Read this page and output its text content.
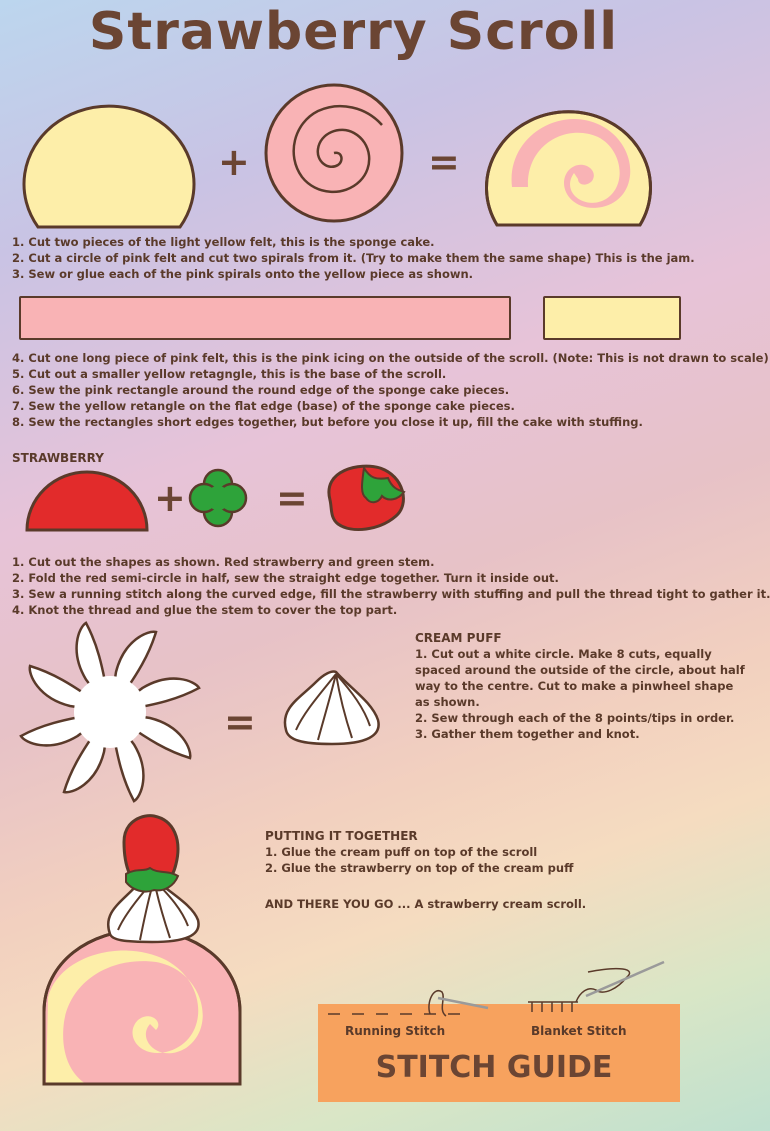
Strawberry Scroll
+	=
1. Cut two pieces of the light yellow felt, this is the sponge cake.
2. Cut a circle of pink felt and cut two spirals from it. (Try to make them the same shape) This is the jam.
3. Sew or glue each of the pink spirals onto the yellow piece as shown.
4. Cut one long piece of pink felt, this is the pink icing on the outside of the scroll. (Note: This is not drawn to scale)
5. Cut out a smaller yellow retagngle, this is the base of the scroll.
6. Sew the pink rectangle around the round edge of the sponge cake pieces.
7. Sew the yellow retangle on the flat edge (base) of the sponge cake pieces.
8. Sew the rectangles short edges together, but before you close it up, fill the cake with stuffing.
STRAWBERRY
+ =
1. Cut out the shapes as shown. Red strawberry and green stem.
2. Fold the red semi-circle in half, sew the straight edge together. Turn it inside out.
3. Sew a running stitch along the curved edge, fill the strawberry with stuffing and pull the thread tight to gather it.
4. Knot the thread and glue the stem to cover the top part.
=
CREAM PUFF
1. Cut out a white circle. Make 8 cuts, equally
spaced around the outside of the circle, about half
way to the centre. Cut to make a pinwheel shape
as shown.
2. Sew through each of the 8 points/tips in order.
3. Gather them together and knot.
PUTTING IT TOGETHER
1. Glue the cream puff on top of the scroll
2. Glue the strawberry on top of the cream puff
AND THERE YOU GO ... A strawberry cream scroll.
Running Stitch	Blanket Stitch
STITCH GUIDE
